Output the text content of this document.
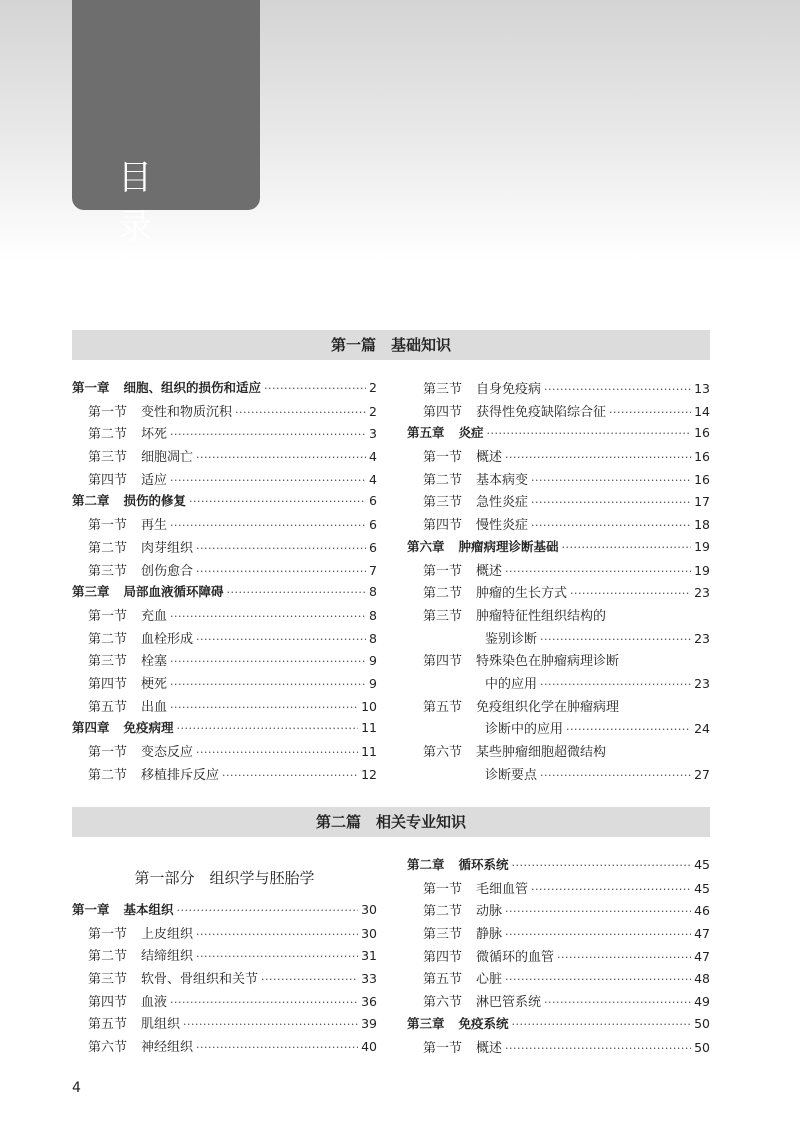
目 录
第一篇　基础知识
第一章 细胞、组织的损伤和适应 ·····	2
第一节 变性和物质沉积 ·····	2
第二节 坏死 ·····	3
第三节 细胞凋亡 ·····	4
第四节 适应 ·····	4
第二章 损伤的修复 ·····	6
第一节 再生 ·····	6
第二节 肉芽组织 ·····	6
第三节 创伤愈合 ·····	7
第三章 局部血液循环障碍 ·····	8
第一节 充血 ·····	8
第二节 血栓形成 ·····	8
第三节 栓塞 ·····	9
第四节 梗死 ·····	9
第五节 出血 ·····	10
第四章 免疫病理 ·····	11
第一节 变态反应 ·····	11
第二节 移植排斥反应 ·····	12
第三节 自身免疫病 ·····	13
第四节 获得性免疫缺陷综合征 ·····	14
第五章 炎症 ·····	16
第一节 概述 ·····	16
第二节 基本病变 ·····	16
第三节 急性炎症 ·····	17
第四节 慢性炎症 ·····	18
第六章 肿瘤病理诊断基础 ·····	19
第一节 概述 ·····	19
第二节 肿瘤的生长方式 ·····	23
第三节 肿瘤特征性组织结构的
鉴别诊断 ·····	23
第四节 特殊染色在肿瘤病理诊断
中的应用 ·····	23
第五节 免疫组织化学在肿瘤病理
诊断中的应用 ·····	24
第六节 某些肿瘤细胞超微结构
诊断要点 ·····	27
第二篇　相关专业知识
第一部分　组织学与胚胎学
第一章 基本组织 ·····	30
第一节 上皮组织 ·····	30
第二节 结缔组织 ·····	31
第三节 软骨、骨组织和关节 ·····	33
第四节 血液 ·····	36
第五节 肌组织 ·····	39
第六节 神经组织 ·····	40
第二章 循环系统 ·····	45
第一节 毛细血管 ·····	45
第二节 动脉 ·····	46
第三节 静脉 ·····	47
第四节 微循环的血管 ·····	47
第五节 心脏 ·····	48
第六节 淋巴管系统 ·····	49
第三章 免疫系统 ·····	50
第一节 概述 ·····	50
4
